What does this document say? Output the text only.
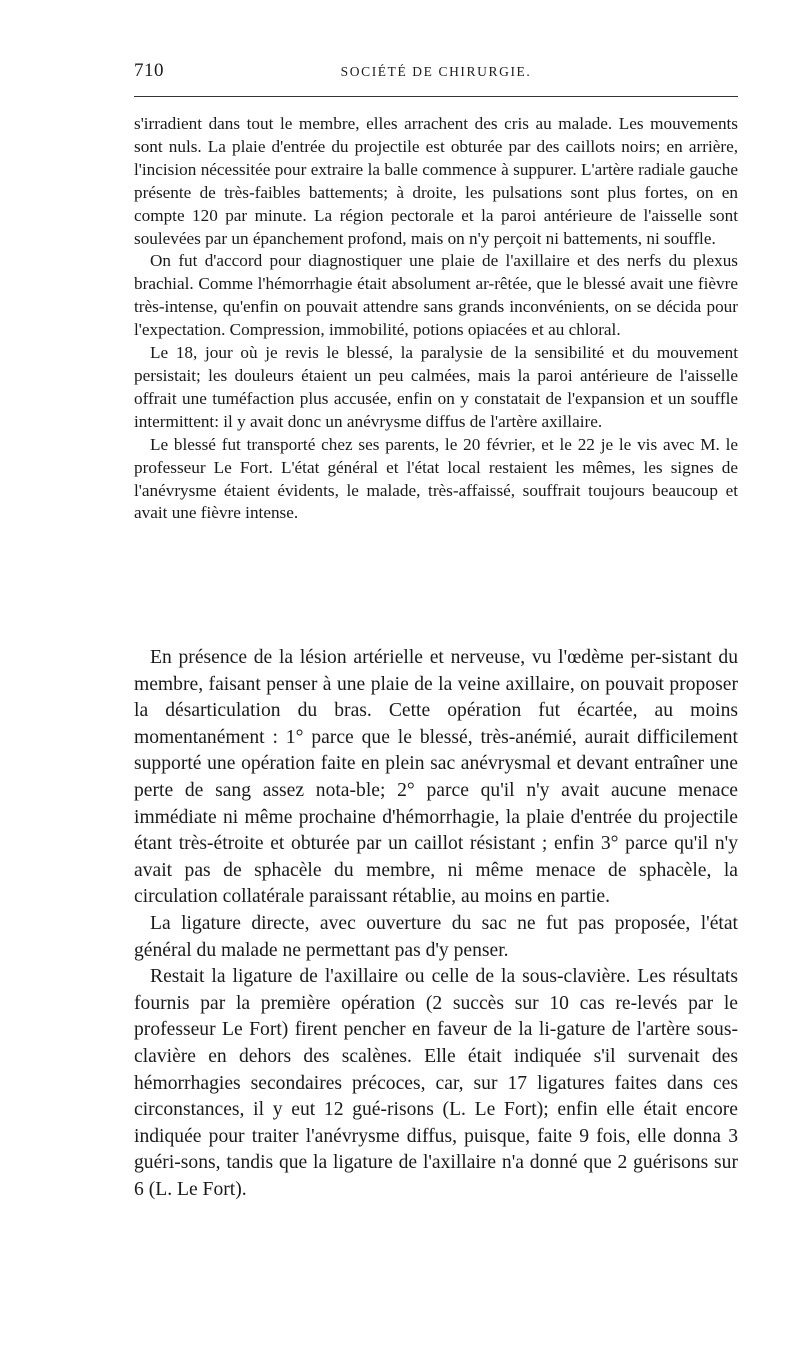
710	SOCIÉTÉ DE CHIRURGIE.

s'irradient dans tout le membre, elles arrachent des cris au malade. Les mouvements sont nuls. La plaie d'entrée du projectile est obturée par des caillots noirs; en arrière, l'incision nécessitée pour extraire la balle commence à suppurer. L'artère radiale gauche présente de très-faibles battements; à droite, les pulsations sont plus fortes, on en compte 120 par minute. La région pectorale et la paroi antérieure de l'aisselle sont soulevées par un épanchement profond, mais on n'y perçoit ni battements, ni souffle.

On fut d'accord pour diagnostiquer une plaie de l'axillaire et des nerfs du plexus brachial. Comme l'hémorrhagie était absolument ar-rêtée, que le blessé avait une fièvre très-intense, qu'enfin on pouvait attendre sans grands inconvénients, on se décida pour l'expectation. Compression, immobilité, potions opiacées et au chloral.

Le 18, jour où je revis le blessé, la paralysie de la sensibilité et du mouvement persistait; les douleurs étaient un peu calmées, mais la paroi antérieure de l'aisselle offrait une tuméfaction plus accusée, enfin on y constatait de l'expansion et un souffle intermittent: il y avait donc un anévrysme diffus de l'artère axillaire.

Le blessé fut transporté chez ses parents, le 20 février, et le 22 je le vis avec M. le professeur Le Fort. L'état général et l'état local restaient les mêmes, les signes de l'anévrysme étaient évidents, le malade, très-affaissé, souffrait toujours beaucoup et avait une fièvre intense.

En présence de la lésion artérielle et nerveuse, vu l'œdème per-sistant du membre, faisant penser à une plaie de la veine axillaire, on pouvait proposer la désarticulation du bras. Cette opération fut écartée, au moins momentanément : 1° parce que le blessé, très-anémié, aurait difficilement supporté une opération faite en plein sac anévrysmal et devant entraîner une perte de sang assez nota-ble; 2° parce qu'il n'y avait aucune menace immédiate ni même prochaine d'hémorrhagie, la plaie d'entrée du projectile étant très-étroite et obturée par un caillot résistant ; enfin 3° parce qu'il n'y avait pas de sphacèle du membre, ni même menace de sphacèle, la circulation collatérale paraissant rétablie, au moins en partie.

La ligature directe, avec ouverture du sac ne fut pas proposée, l'état général du malade ne permettant pas d'y penser.

Restait la ligature de l'axillaire ou celle de la sous-clavière. Les résultats fournis par la première opération (2 succès sur 10 cas re-levés par le professeur Le Fort) firent pencher en faveur de la li-gature de l'artère sous-clavière en dehors des scalènes. Elle était indiquée s'il survenait des hémorrhagies secondaires précoces, car, sur 17 ligatures faites dans ces circonstances, il y eut 12 gué-risons (L. Le Fort); enfin elle était encore indiquée pour traiter l'anévrysme diffus, puisque, faite 9 fois, elle donna 3 guéri-sons, tandis que la ligature de l'axillaire n'a donné que 2 guérisons sur 6 (L. Le Fort).
